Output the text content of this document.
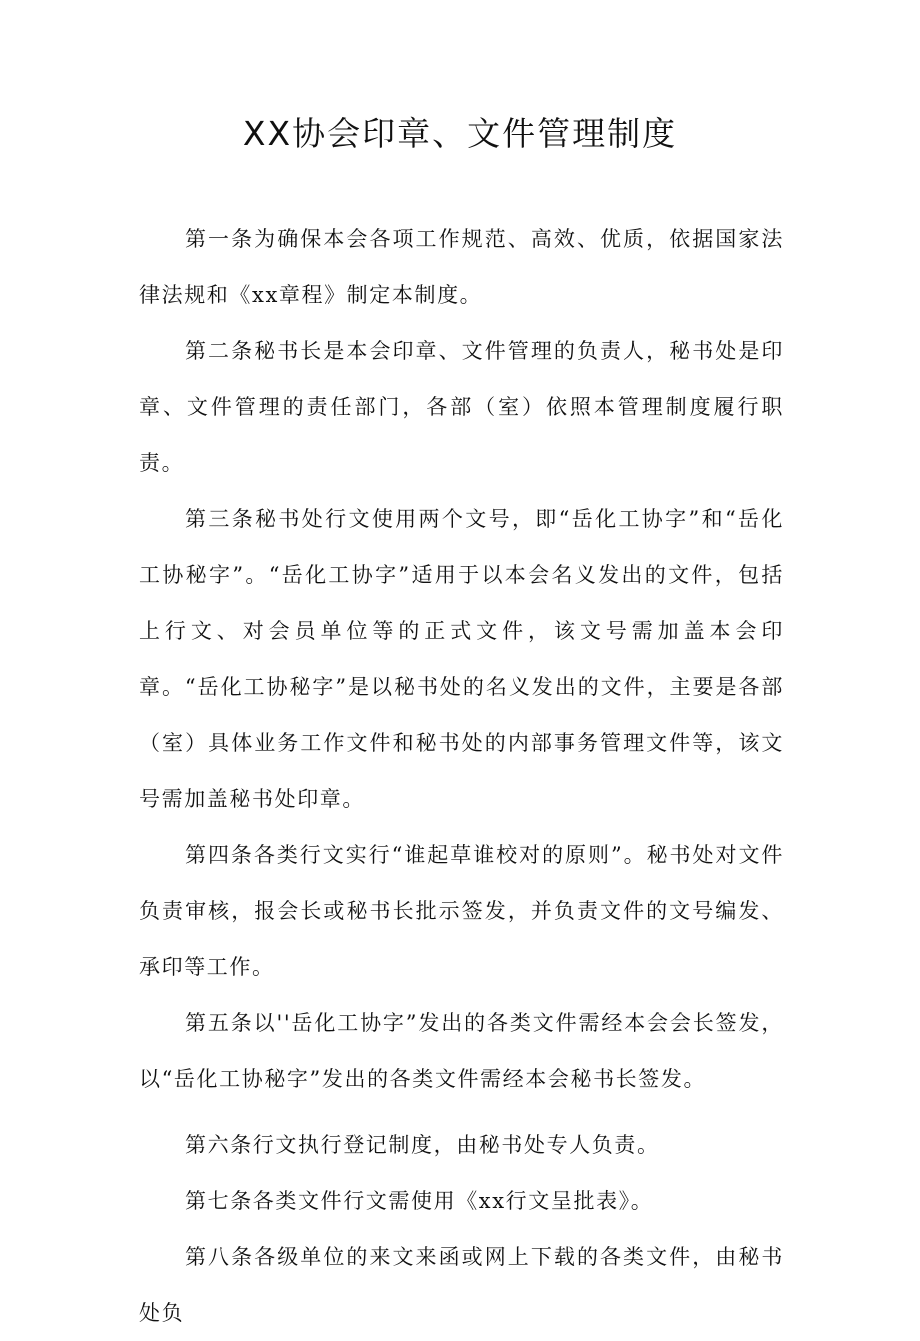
XX协会印章、文件管理制度

第一条为确保本会各项工作规范、高效、优质，依据国家法律法规和《xx章程》制定本制度。

第二条秘书长是本会印章、文件管理的负责人，秘书处是印章、文件管理的责任部门，各部（室）依照本管理制度履行职责。

第三条秘书处行文使用两个文号，即“岳化工协字”和“岳化工协秘字”。“岳化工协字”适用于以本会名义发出的文件，包括上行文、对会员单位等的正式文件，该文号需加盖本会印章。“岳化工协秘字”是以秘书处的名义发出的文件，主要是各部（室）具体业务工作文件和秘书处的内部事务管理文件等，该文号需加盖秘书处印章。

第四条各类行文实行“谁起草谁校对的原则”。秘书处对文件负责审核，报会长或秘书长批示签发，并负责文件的文号编发、承印等工作。

第五条以''岳化工协字”发出的各类文件需经本会会长签发，以“岳化工协秘字”发出的各类文件需经本会秘书长签发。

第六条行文执行登记制度，由秘书处专人负责。

第七条各类文件行文需使用《xx行文呈批表》。

第八条各级单位的来文来函或网上下载的各类文件，由秘书处负
